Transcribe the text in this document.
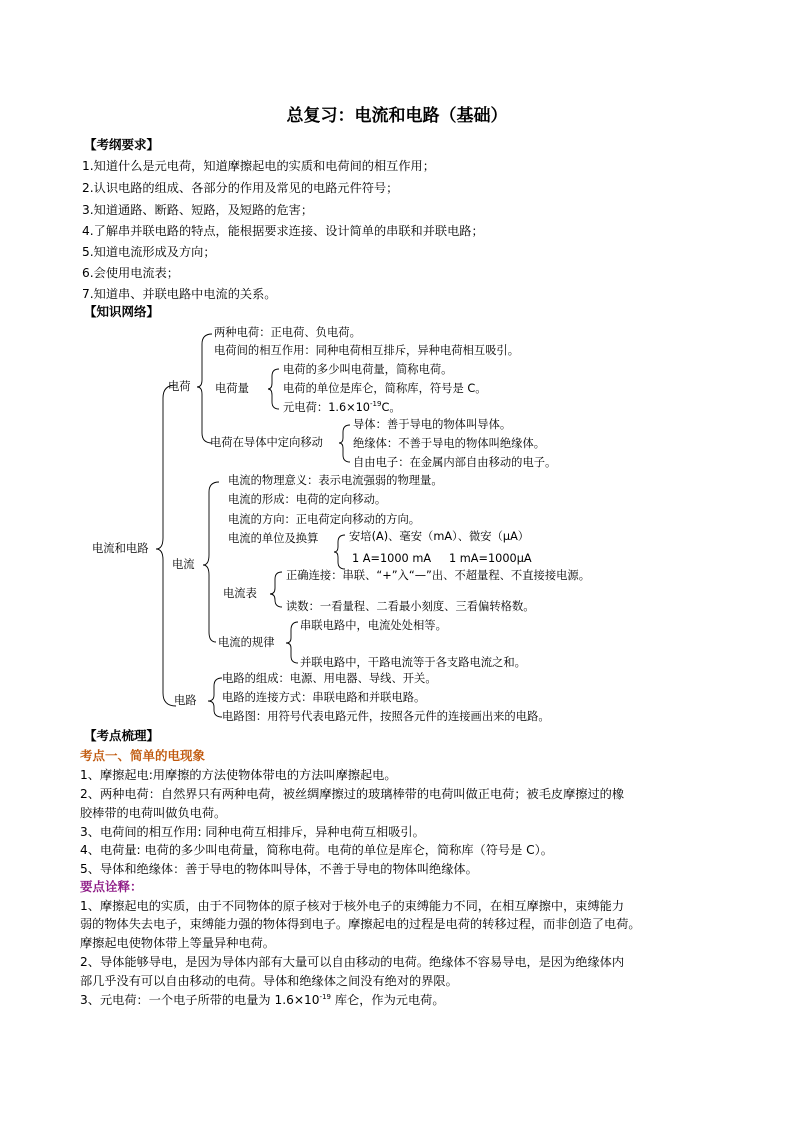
总复习：电流和电路（基础）
【考纲要求】
1.知道什么是元电荷，知道摩擦起电的实质和电荷间的相互作用；
2.认识电路的组成、各部分的作用及常见的电路元件符号；
3.知道通路、断路、短路，及短路的危害；
4.了解串并联电路的特点，能根据要求连接、设计简单的串联和并联电路；
5.知道电流形成及方向；
6.会使用电流表；
7.知道串、并联电路中电流的关系。
【知识网络】
电流和电路
电荷
两种电荷：正电荷、负电荷。
电荷间的相互作用：同种电荷相互排斥，异种电荷相互吸引。
电荷量
电荷的多少叫电荷量，简称电荷。
电荷的单位是库仑，简称库，符号是 C。
元电荷：$1.6\times 10^{-19}C$。
电荷在导体中定向移动
导体：善于导电的物体叫导体。
绝缘体：不善于导电的物体叫绝缘体。
自由电子：在金属内部自由移动的电子。
电流
电流的物理意义：表示电流强弱的物理量。
电流的形成：电荷的定向移动。
电流的方向：正电荷定向移动的方向。
电流的单位及换算	安培(A)、毫安（mA）、微安（μA）
1 A=1000 mA     1 mA=1000μA
电流表
正确连接：串联、“+”入“—”出、不超量程、不直接接电源。
读数：一看量程、二看最小刻度、三看偏转格数。
电流的规律
串联电路中，电流处处相等。
并联电路中，干路电流等于各支路电流之和。
电路
电路的组成：电源、用电器、导线、开关。
电路的连接方式：串联电路和并联电路。
电路图：用符号代表电路元件，按照各元件的连接画出来的电路。
【考点梳理】
考点一、简单的电现象
1、摩擦起电:用摩擦的方法使物体带电的方法叫摩擦起电。
2、两种电荷：自然界只有两种电荷，被丝绸摩擦过的玻璃棒带的电荷叫做正电荷；被毛皮摩擦过的橡
胶棒带的电荷叫做负电荷。
3、电荷间的相互作用: 同种电荷互相排斥，异种电荷互相吸引。
4、电荷量: 电荷的多少叫电荷量，简称电荷。电荷的单位是库仑，简称库（符号是 C）。
5、导体和绝缘体：善于导电的物体叫导体，不善于导电的物体叫绝缘体。
要点诠释：
1、摩擦起电的实质，由于不同物体的原子核对于核外电子的束缚能力不同，在相互摩擦中，束缚能力
弱的物体失去电子，束缚能力强的物体得到电子。摩擦起电的过程是电荷的转移过程，而非创造了电荷。
摩擦起电使物体带上等量异种电荷。
2、导体能够导电，是因为导体内部有大量可以自由移动的电荷。绝缘体不容易导电，是因为绝缘体内
部几乎没有可以自由移动的电荷。导体和绝缘体之间没有绝对的界限。
3、元电荷：一个电子所带的电量为 $1.6\times 10^{-19}$ 库仑，作为元电荷。
